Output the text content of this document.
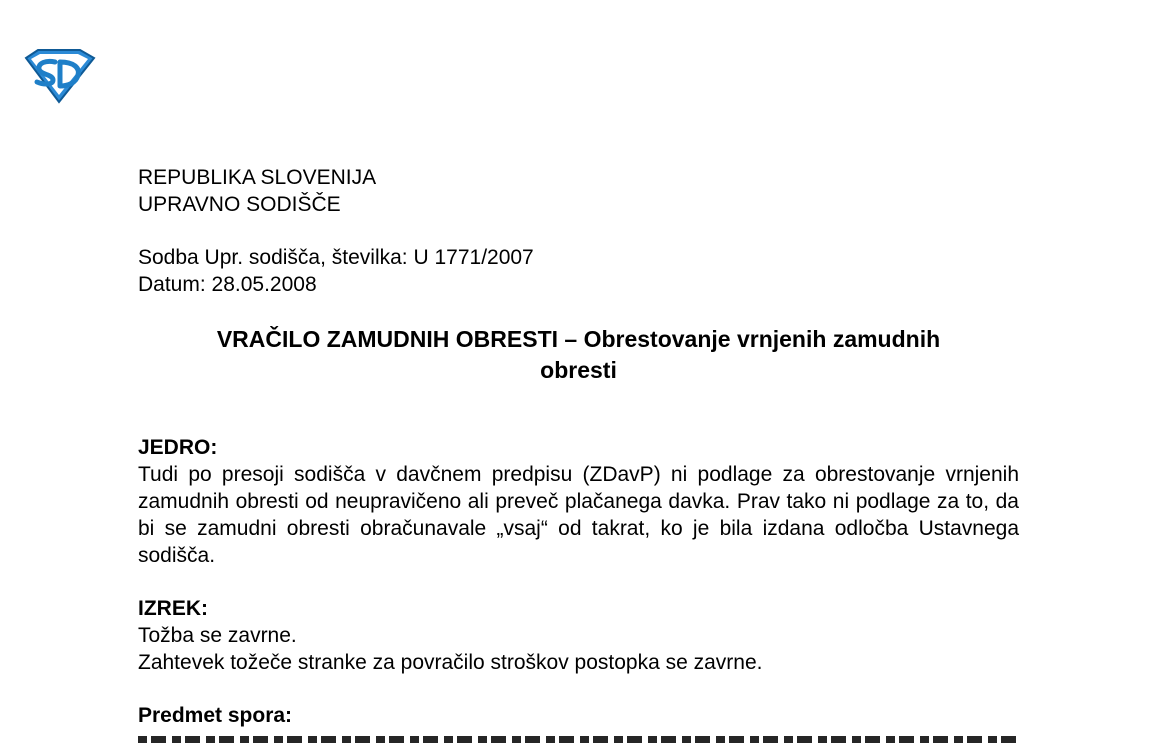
REPUBLIKA SLOVENIJA
UPRAVNO SODIŠČE
Sodba Upr. sodišča, številka: U 1771/2007
Datum: 28.05.2008
VRAČILO ZAMUDNIH OBRESTI – Obrestovanje vrnjenih zamudnih
obresti
JEDRO:
Tudi po presoji sodišča v davčnem predpisu (ZDavP) ni podlage za obrestovanje vrnjenih zamudnih obresti od neupravičeno ali preveč plačanega davka. Prav tako ni podlage za to, da bi se zamudni obresti obračunavale „vsaj“ od takrat, ko je bila izdana odločba Ustavnega sodišča.
IZREK:
Tožba se zavrne.
Zahtevek tožeče stranke za povračilo stroškov postopka se zavrne.
Predmet spora:
